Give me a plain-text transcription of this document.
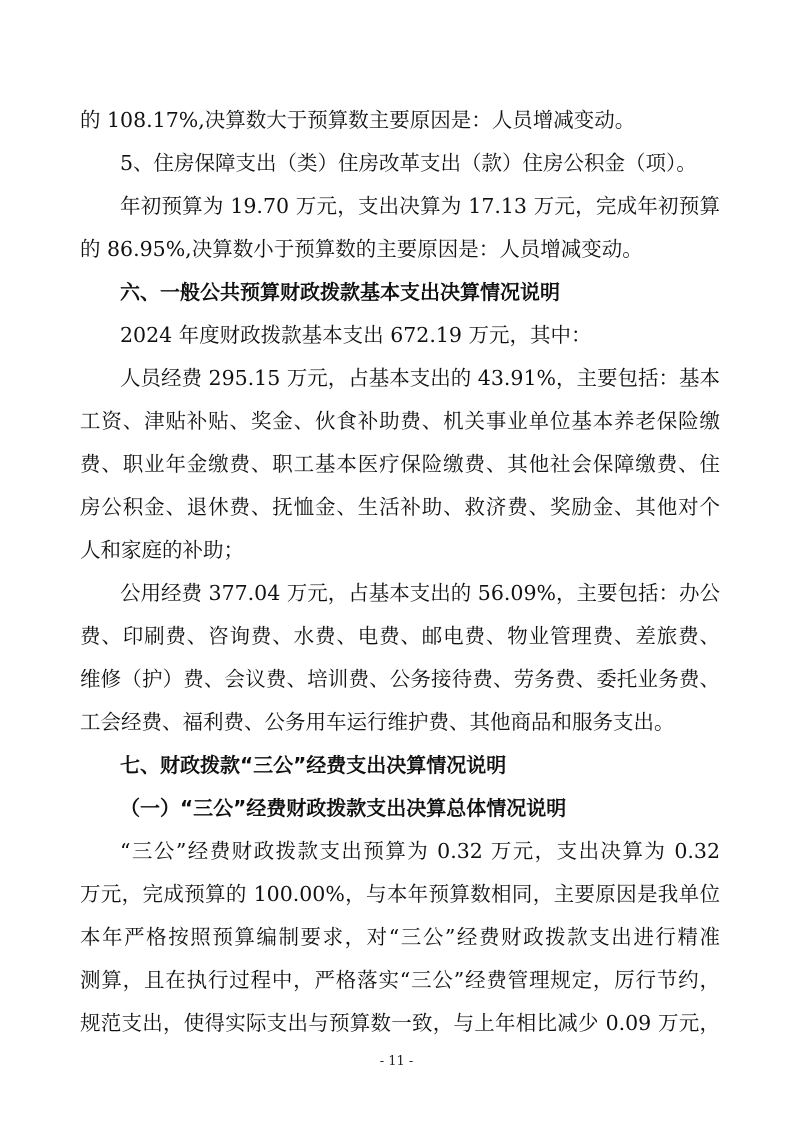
的 108.17%,决算数大于预算数主要原因是：人员增减变动。
5、住房保障支出（类）住房改革支出（款）住房公积金（项）。
年初预算为 19.70 万元，支出决算为 17.13 万元，完成年初预算
的 86.95%,决算数小于预算数的主要原因是：人员增减变动。
六、一般公共预算财政拨款基本支出决算情况说明
2024 年度财政拨款基本支出 672.19 万元，其中：
人员经费 295.15 万元，占基本支出的 43.91%，主要包括：基本
工资、津贴补贴、奖金、伙食补助费、机关事业单位基本养老保险缴
费、职业年金缴费、职工基本医疗保险缴费、其他社会保障缴费、住
房公积金、退休费、抚恤金、生活补助、救济费、奖励金、其他对个
人和家庭的补助；
公用经费 377.04 万元，占基本支出的 56.09%，主要包括：办公
费、印刷费、咨询费、水费、电费、邮电费、物业管理费、差旅费、
维修（护）费、会议费、培训费、公务接待费、劳务费、委托业务费、
工会经费、福利费、公务用车运行维护费、其他商品和服务支出。
七、财政拨款“三公”经费支出决算情况说明
（一）“三公”经费财政拨款支出决算总体情况说明
“三公”经费财政拨款支出预算为 0.32 万元，支出决算为 0.32
万元，完成预算的 100.00%，与本年预算数相同，主要原因是我单位
本年严格按照预算编制要求，对“三公”经费财政拨款支出进行精准
测算，且在执行过程中，严格落实“三公”经费管理规定，厉行节约，
规范支出，使得实际支出与预算数一致，与上年相比减少 0.09 万元，
- 11 -
